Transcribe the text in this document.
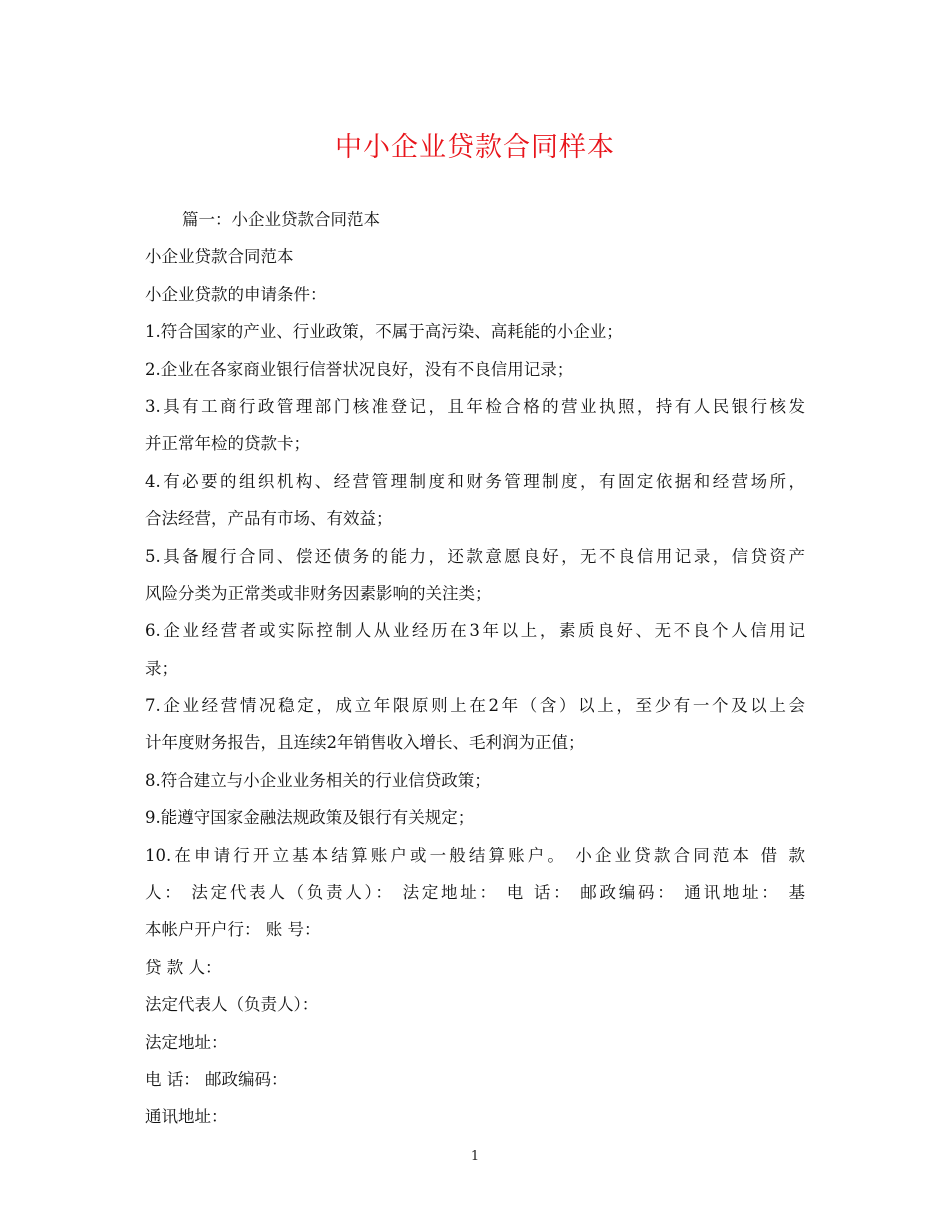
中小企业贷款合同样本
篇一：小企业贷款合同范本
小企业贷款合同范本
小企业贷款的申请条件：
1.符合国家的产业、行业政策，不属于高污染、高耗能的小企业；
2.企业在各家商业银行信誉状况良好，没有不良信用记录；
3.具有工商行政管理部门核准登记，且年检合格的营业执照，持有人民银行核发
并正常年检的贷款卡；
4.有必要的组织机构、经营管理制度和财务管理制度，有固定依据和经营场所，
合法经营，产品有市场、有效益；
5.具备履行合同、偿还债务的能力，还款意愿良好，无不良信用记录，信贷资产
风险分类为正常类或非财务因素影响的关注类；
6.企业经营者或实际控制人从业经历在3年以上，素质良好、无不良个人信用记
录；
7.企业经营情况稳定，成立年限原则上在2年（含）以上，至少有一个及以上会
计年度财务报告，且连续2年销售收入增长、毛利润为正值；
8.符合建立与小企业业务相关的行业信贷政策；
9.能遵守国家金融法规政策及银行有关规定；
10.在申请行开立基本结算账户或一般结算账户。 小企业贷款合同范本 借 款
人： 法定代表人（负责人）： 法定地址： 电 话： 邮政编码： 通讯地址： 基
本帐户开户行： 账 号：
贷 款 人：
法定代表人（负责人）：
法定地址：
电 话： 邮政编码：
通讯地址：
1
